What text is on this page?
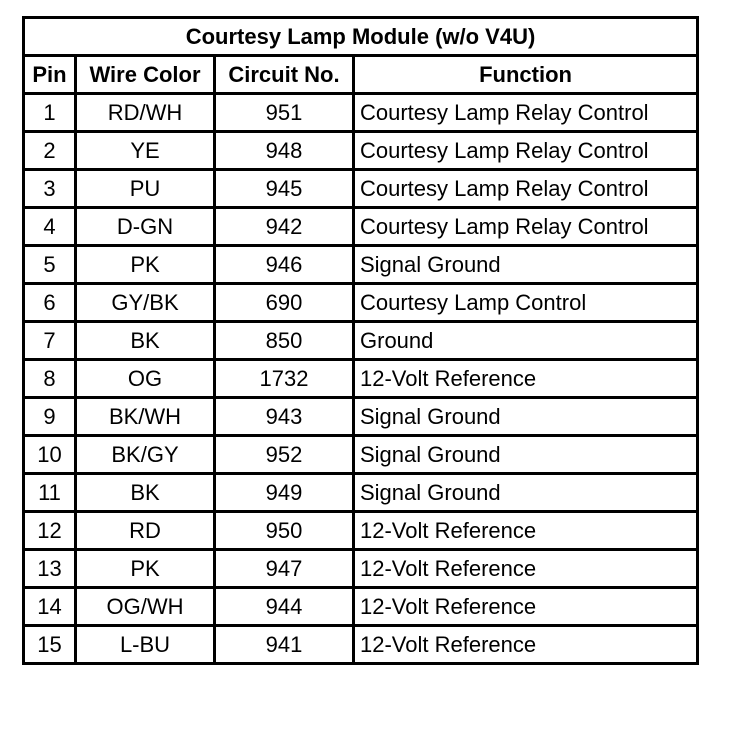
Courtesy Lamp Module (w/o V4U)			
Pin	Wire Color	Circuit No.	Function
1	RD/WH	951	Courtesy Lamp Relay Control
2	YE	948	Courtesy Lamp Relay Control
3	PU	945	Courtesy Lamp Relay Control
4	D-GN	942	Courtesy Lamp Relay Control
5	PK	946	Signal Ground
6	GY/BK	690	Courtesy Lamp Control
7	BK	850	Ground
8	OG	1732	12-Volt Reference
9	BK/WH	943	Signal Ground
10	BK/GY	952	Signal Ground
11	BK	949	Signal Ground
12	RD	950	12-Volt Reference
13	PK	947	12-Volt Reference
14	OG/WH	944	12-Volt Reference
15	L-BU	941	12-Volt Reference
